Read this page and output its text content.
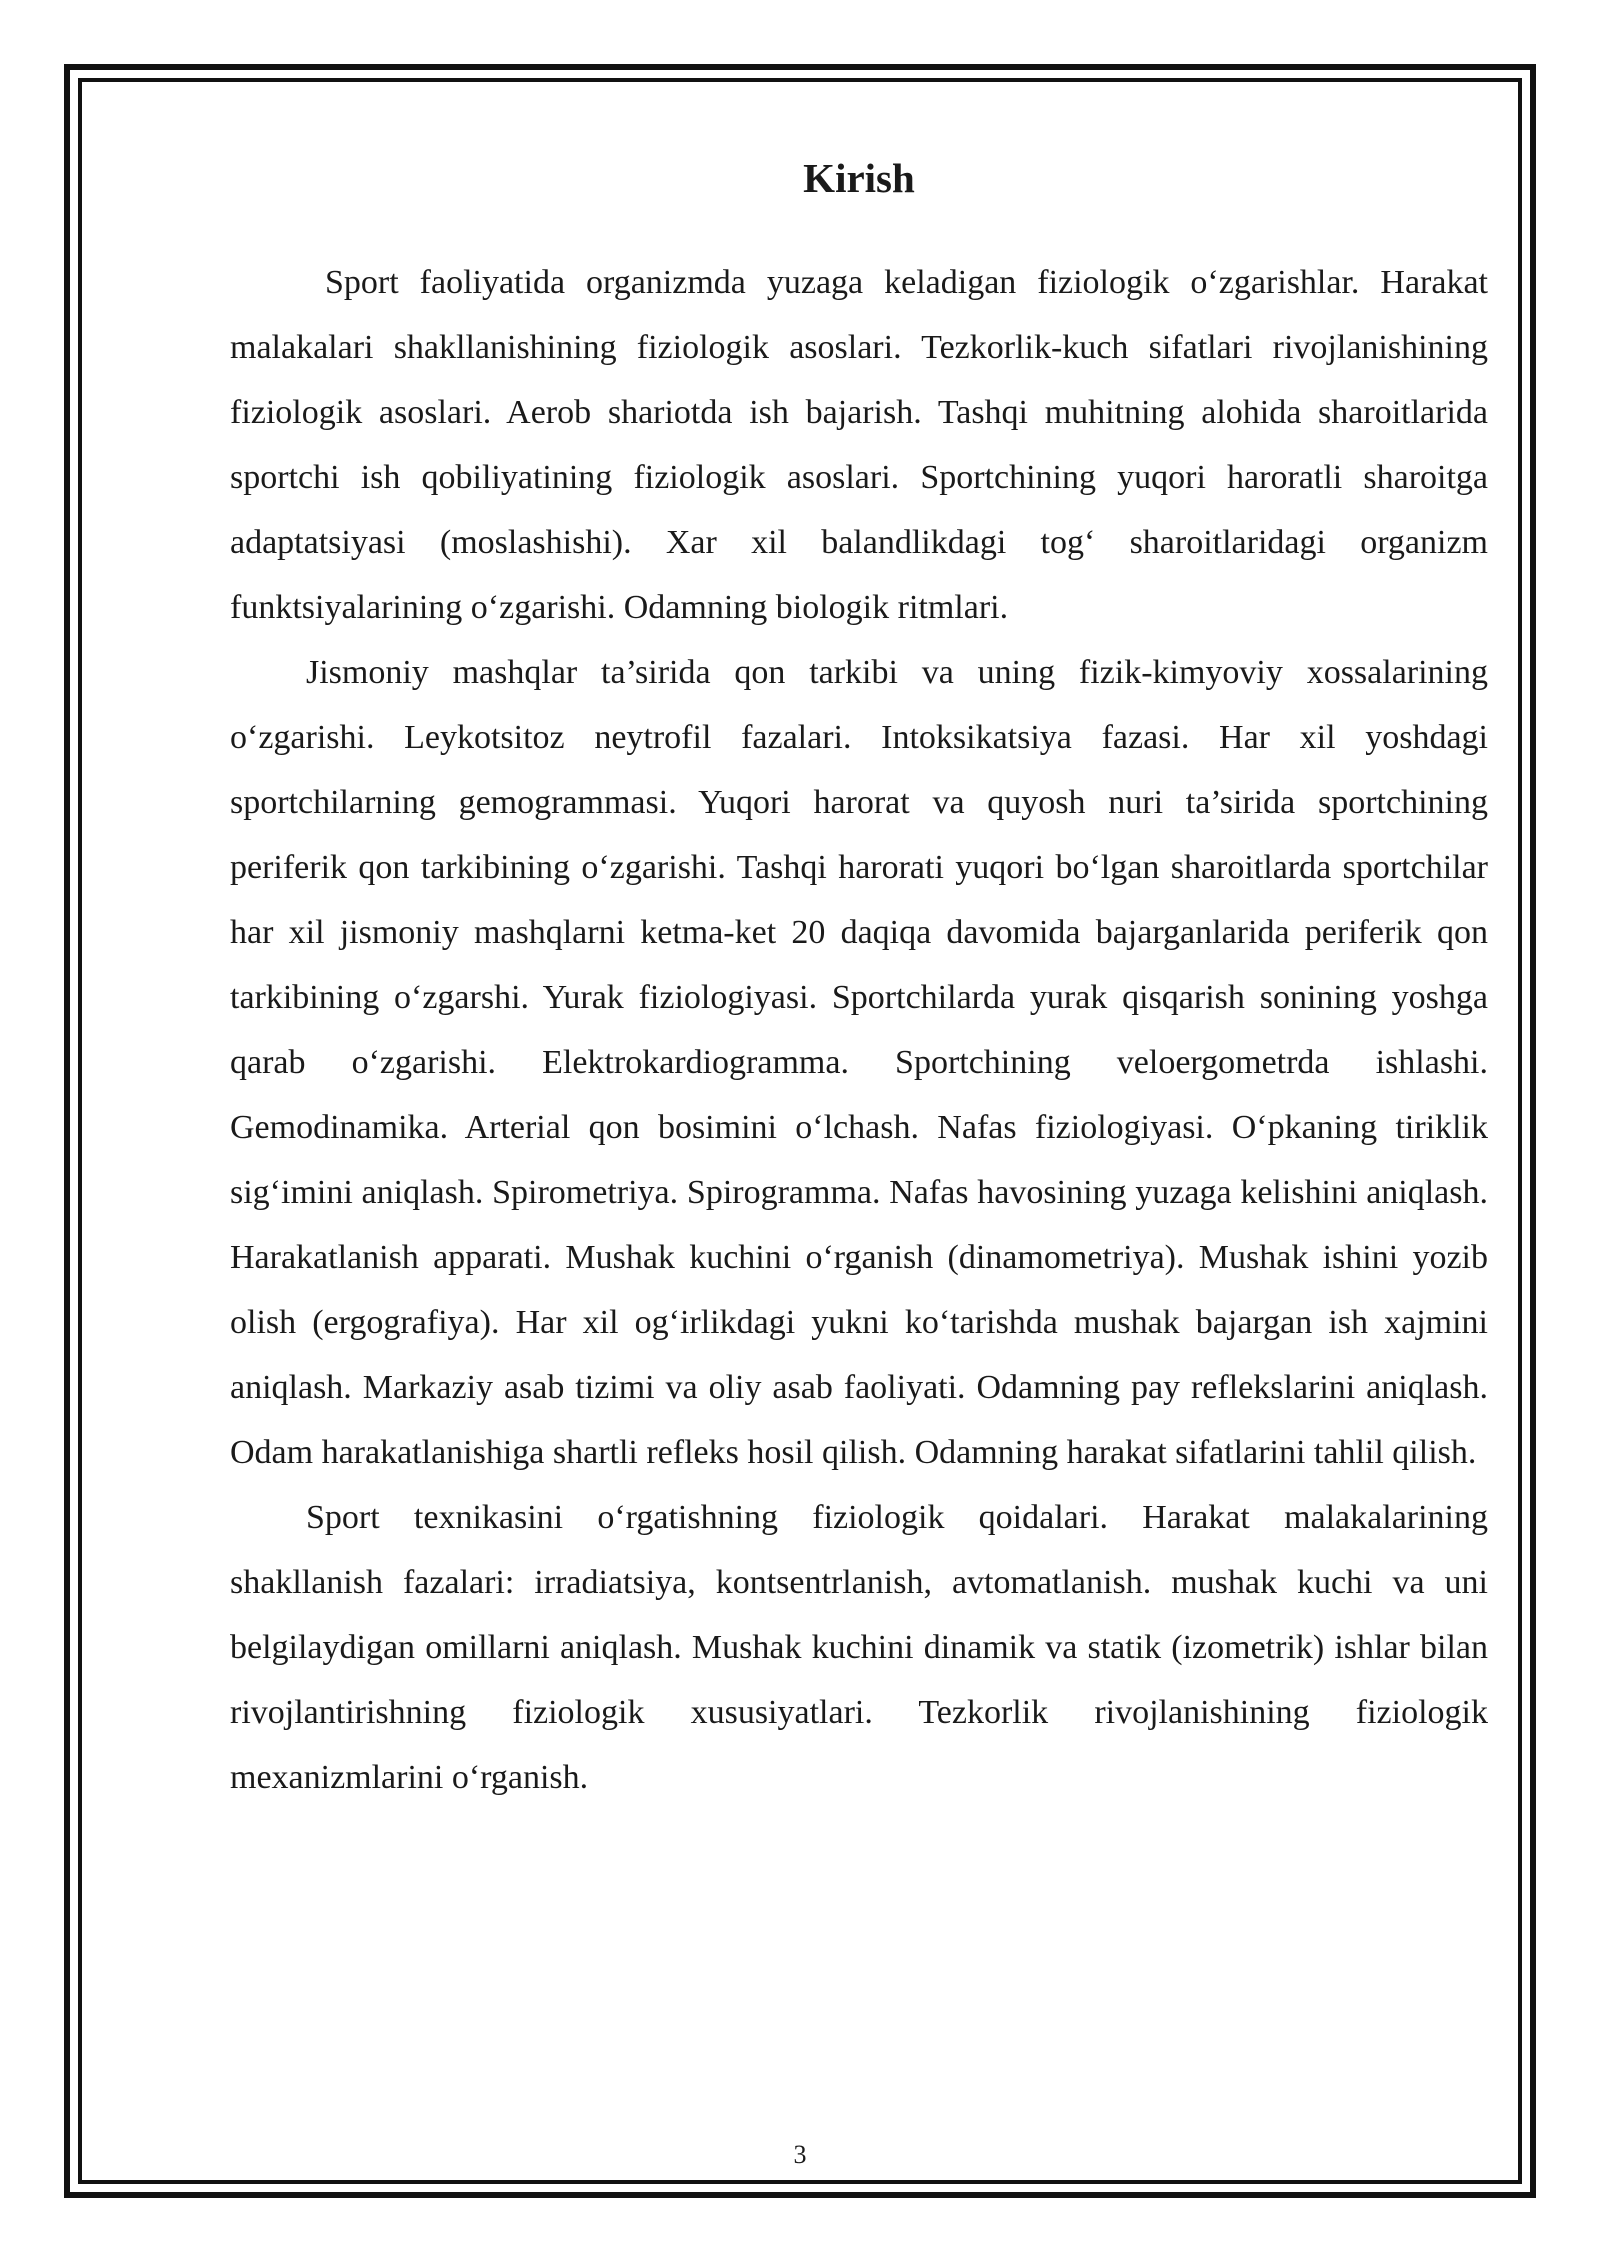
Kirish

Sport faoliyatida organizmda yuzaga keladigan fiziologik o‘zgarishlar. Harakat malakalari shakllanishining fiziologik asoslari. Tezkorlik-kuch sifatlari rivojlanishining fiziologik asoslari. Aerob shariotda ish bajarish. Tashqi muhitning alohida sharoitlarida sportchi ish qobiliyatining fiziologik asoslari. Sportchining yuqori haroratli sharoitga adaptatsiyasi (moslashishi). Xar xil balandlikdagi tog‘ sharoitlaridagi organizm funktsiyalarining o‘zgarishi. Odamning biologik ritmlari.

Jismoniy mashqlar ta’sirida qon tarkibi va uning fizik-kimyoviy xossalarining o‘zgarishi. Leykotsitoz neytrofil fazalari. Intoksikatsiya fazasi. Har xil yoshdagi sportchilarning gemogrammasi. Yuqori harorat va quyosh nuri ta’sirida sportchining periferik qon tarkibining o‘zgarishi. Tashqi harorati yuqori bo‘lgan sharoitlarda sportchilar har xil jismoniy mashqlarni ketma-ket 20 daqiqa davomida bajarganlarida periferik qon tarkibining o‘zgarshi. Yurak fiziologiyasi. Sportchilarda yurak qisqarish sonining yoshga qarab o‘zgarishi. Elektrokardiogramma. Sportchining veloergometrda ishlashi. Gemodinamika. Arterial qon bosimini o‘lchash. Nafas fiziologiyasi. O‘pkaning tiriklik sig‘imini aniqlash. Spirometriya. Spirogramma. Nafas havosining yuzaga kelishini aniqlash. Harakatlanish apparati. Mushak kuchini o‘rganish (dinamometriya). Mushak ishini yozib olish (ergografiya). Har xil og‘irlikdagi yukni ko‘tarishda mushak bajargan ish xajmini aniqlash. Markaziy asab tizimi va oliy asab faoliyati. Odamning pay reflekslarini aniqlash. Odam harakatlanishiga shartli refleks hosil qilish. Odamning harakat sifatlarini tahlil qilish.

Sport texnikasini o‘rgatishning fiziologik qoidalari. Harakat malakalarining shakllanish fazalari: irradiatsiya, kontsentrlanish, avtomatlanish. mushak kuchi va uni belgilaydigan omillarni aniqlash. Mushak kuchini dinamik va statik (izometrik) ishlar bilan rivojlantirishning fiziologik xususiyatlari. Tezkorlik rivojlanishining fiziologik mexanizmlarini o‘rganish.

3
